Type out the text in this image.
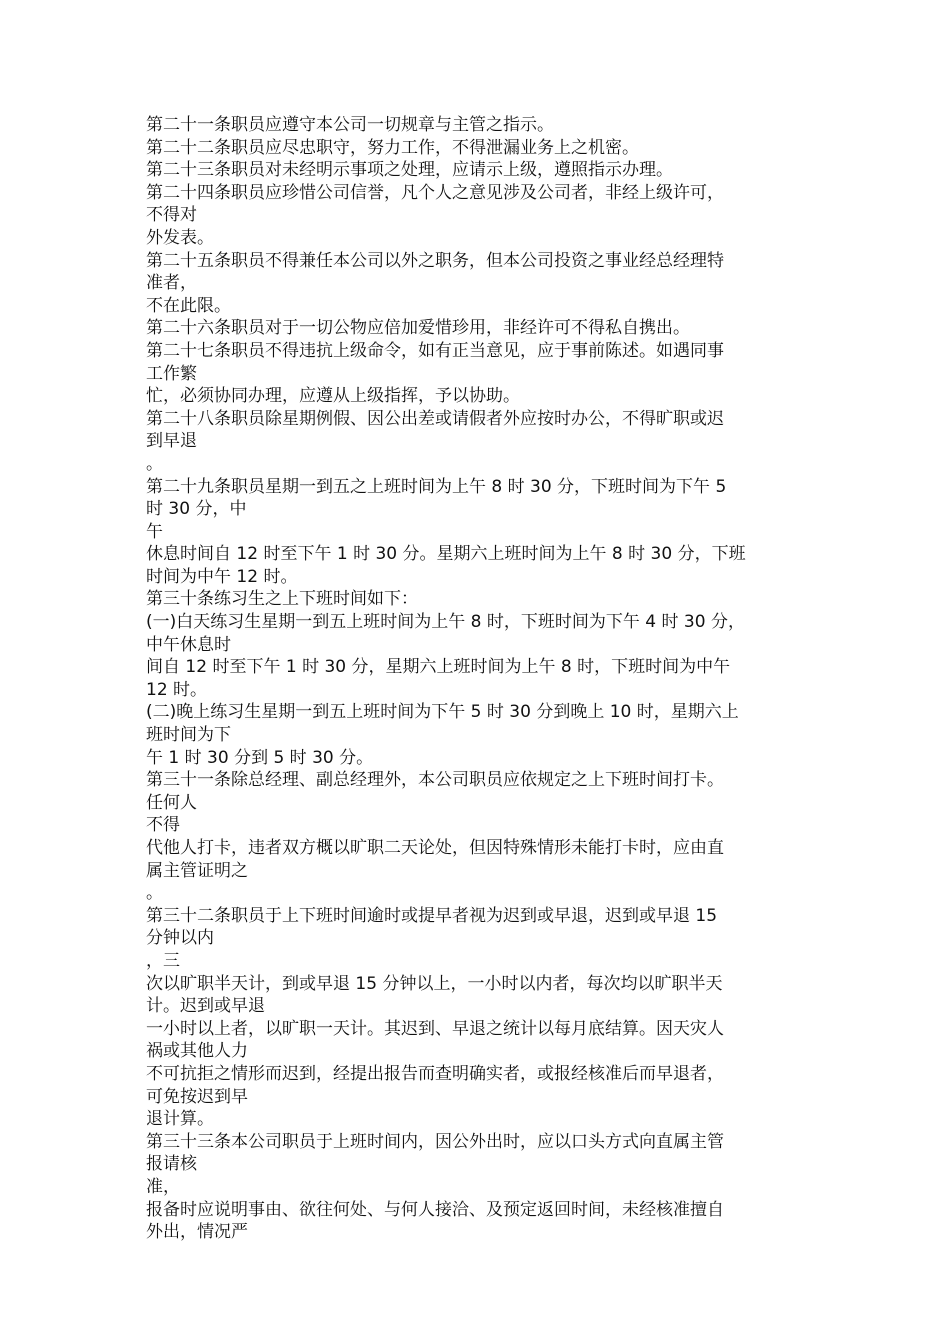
第二十一条职员应遵守本公司一切规章与主管之指示。
第二十二条职员应尽忠职守，努力工作，不得泄漏业务上之机密。
第二十三条职员对未经明示事项之处理，应请示上级，遵照指示办理。
第二十四条职员应珍惜公司信誉，凡个人之意见涉及公司者，非经上级许可，
不得对
外发表。
第二十五条职员不得兼任本公司以外之职务，但本公司投资之事业经总经理特
准者，
不在此限。
第二十六条职员对于一切公物应倍加爱惜珍用，非经许可不得私自携出。
第二十七条职员不得违抗上级命令，如有正当意见，应于事前陈述。如遇同事
工作繁
忙，必须协同办理，应遵从上级指挥，予以协助。
第二十八条职员除星期例假、因公出差或请假者外应按时办公，不得旷职或迟
到早退
。
第二十九条职员星期一到五之上班时间为上午 8 时 30 分，下班时间为下午 5
时 30 分，中
午
休息时间自 12 时至下午 1 时 30 分。星期六上班时间为上午 8 时 30 分，下班
时间为中午 12 时。
第三十条练习生之上下班时间如下：
(一)白天练习生星期一到五上班时间为上午 8 时，下班时间为下午 4 时 30 分，
中午休息时
间自 12 时至下午 1 时 30 分，星期六上班时间为上午 8 时，下班时间为中午
12 时。
(二)晚上练习生星期一到五上班时间为下午 5 时 30 分到晚上 10 时，星期六上
班时间为下
午 1 时 30 分到 5 时 30 分。
第三十一条除总经理、副总经理外，本公司职员应依规定之上下班时间打卡。
任何人
不得
代他人打卡，违者双方概以旷职二天论处，但因特殊情形未能打卡时，应由直
属主管证明之
。
第三十二条职员于上下班时间逾时或提早者视为迟到或早退，迟到或早退 15
分钟以内
，三
次以旷职半天计，到或早退 15 分钟以上，一小时以内者，每次均以旷职半天
计。迟到或早退
一小时以上者，以旷职一天计。其迟到、早退之统计以每月底结算。因天灾人
祸或其他人力
不可抗拒之情形而迟到，经提出报告而查明确实者，或报经核准后而早退者，
可免按迟到早
退计算。
第三十三条本公司职员于上班时间内，因公外出时，应以口头方式向直属主管
报请核
准，
报备时应说明事由、欲往何处、与何人接洽、及预定返回时间，未经核准擅自
外出，情况严
